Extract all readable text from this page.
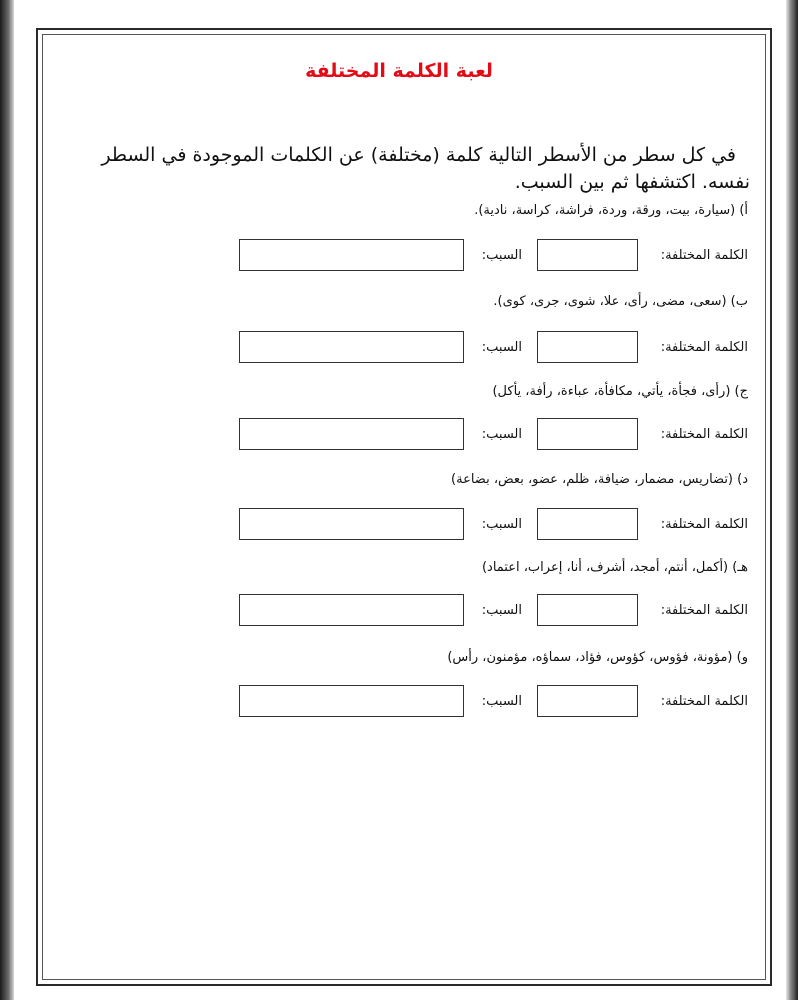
لعبة الكلمة المختلفة
في كل سطر من الأسطر التالية كلمة (مختلفة) عن الكلمات الموجودة في السطر
نفسه. اكتشفها ثم بين السبب.
أ) (سيارة، بيت، ورقة، وردة، فراشة، كراسة، نادية).
الكلمة المختلفة:
السبب:
ب) (سعى، مضى، رأى، علا، شوى، جرى، كوى).
الكلمة المختلفة:
السبب:
ج) (رأى، فجأة، يأتي، مكافأة، عباءة، رأفة، يأكل)
الكلمة المختلفة:
السبب:
د) (تضاريس، مضمار، ضيافة، ظلم، عضو، بعض، بضاعة)
الكلمة المختلفة:
السبب:
هـ) (أكمل، أنتم، أمجد، أشرف، أنا، إعراب، اعتماد)
الكلمة المختلفة:
السبب:
و) (مؤونة، فؤوس، كؤوس، فؤاد، سماؤه، مؤمنون، رأس)
الكلمة المختلفة:
السبب:
